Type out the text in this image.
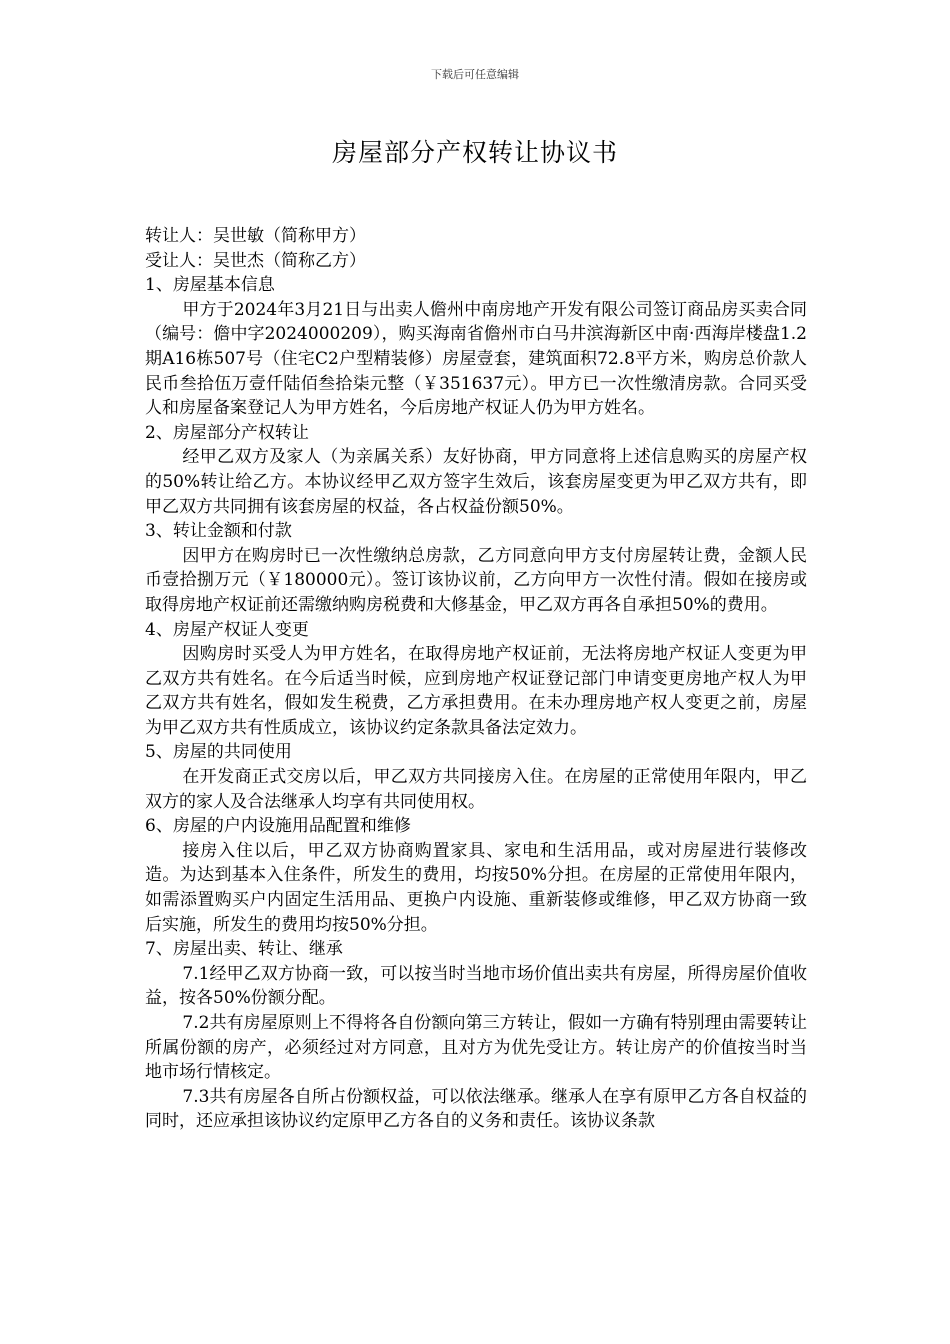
下载后可任意编辑
房屋部分产权转让协议书

转让人：吴世敏（简称甲方）

受让人：吴世杰（简称乙方）

1、房屋基本信息

甲方于2024年3月21日与出卖人儋州中南房地产开发有限公司签订商品房买卖合同（编号：儋中字2024000209），购买海南省儋州市白马井滨海新区中南·西海岸楼盘1.2期A16栋507号（住宅C2户型精装修）房屋壹套，建筑面积72.8平方米，购房总价款人民币叁拾伍万壹仟陆佰叁拾柒元整（￥351637元）。甲方已一次性缴清房款。合同买受人和房屋备案登记人为甲方姓名，今后房地产权证人仍为甲方姓名。

2、房屋部分产权转让

经甲乙双方及家人（为亲属关系）友好协商，甲方同意将上述信息购买的房屋产权的50%转让给乙方。本协议经甲乙双方签字生效后，该套房屋变更为甲乙双方共有，即甲乙双方共同拥有该套房屋的权益，各占权益份额50%。

3、转让金额和付款

因甲方在购房时已一次性缴纳总房款，乙方同意向甲方支付房屋转让费，金额人民币壹拾捌万元（￥180000元）。签订该协议前，乙方向甲方一次性付清。假如在接房或取得房地产权证前还需缴纳购房税费和大修基金，甲乙双方再各自承担50%的费用。

4、房屋产权证人变更

因购房时买受人为甲方姓名，在取得房地产权证前，无法将房地产权证人变更为甲乙双方共有姓名。在今后适当时候，应到房地产权证登记部门申请变更房地产权人为甲乙双方共有姓名，假如发生税费，乙方承担费用。在未办理房地产权人变更之前，房屋为甲乙双方共有性质成立，该协议约定条款具备法定效力。

5、房屋的共同使用

在开发商正式交房以后，甲乙双方共同接房入住。在房屋的正常使用年限内，甲乙双方的家人及合法继承人均享有共同使用权。

6、房屋的户内设施用品配置和维修

接房入住以后，甲乙双方协商购置家具、家电和生活用品，或对房屋进行装修改造。为达到基本入住条件，所发生的费用，均按50%分担。在房屋的正常使用年限内，如需添置购买户内固定生活用品、更换户内设施、重新装修或维修，甲乙双方协商一致后实施，所发生的费用均按50%分担。

7、房屋出卖、转让、继承

7.1经甲乙双方协商一致，可以按当时当地市场价值出卖共有房屋，所得房屋价值收益，按各50%份额分配。

7.2共有房屋原则上不得将各自份额向第三方转让，假如一方确有特别理由需要转让所属份额的房产，必须经过对方同意，且对方为优先受让方。转让房产的价值按当时当地市场行情核定。

7.3共有房屋各自所占份额权益，可以依法继承。继承人在享有原甲乙方各自权益的同时，还应承担该协议约定原甲乙方各自的义务和责任。该协议条款
